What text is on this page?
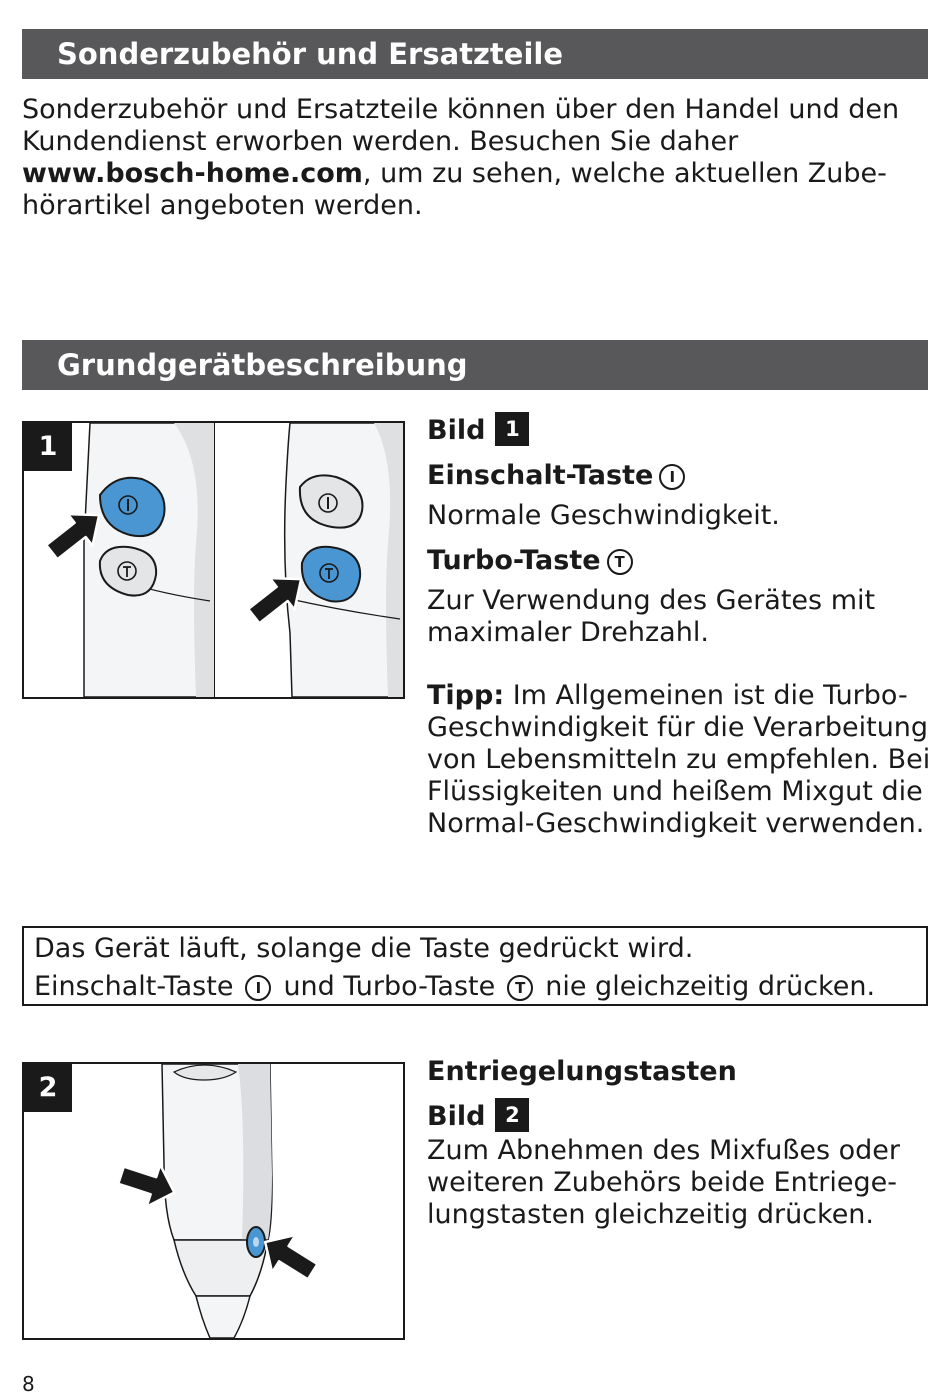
Sonderzubehör und Ersatzteile

Sonderzubehör und Ersatzteile können über den Handel und den Kundendienst erworben werden. Besuchen Sie daher www.bosch-home.com, um zu sehen, welche aktuellen Zubehörartikel angeboten werden.

Grundgerätbeschreibung
1
Bild 1
Einschalt-Taste I
Normale Geschwindigkeit.
Turbo-Taste T
Zur Verwendung des Gerätes mit maximaler Drehzahl.
Tipp: Im Allgemeinen ist die Turbo-Geschwindigkeit für die Verarbeitung von Lebensmitteln zu empfehlen. Bei Flüssigkeiten und heißem Mixgut die Normal-Geschwindigkeit verwenden.
Das Gerät läuft, solange die Taste gedrückt wird.
Einschalt-Taste I und Turbo-Taste T nie gleichzeitig drücken.
2
Entriegelungstasten
Bild 2
Zum Abnehmen des Mixfußes oder weiteren Zubehörs beide Entriegelungstasten gleichzeitig drücken.
8
